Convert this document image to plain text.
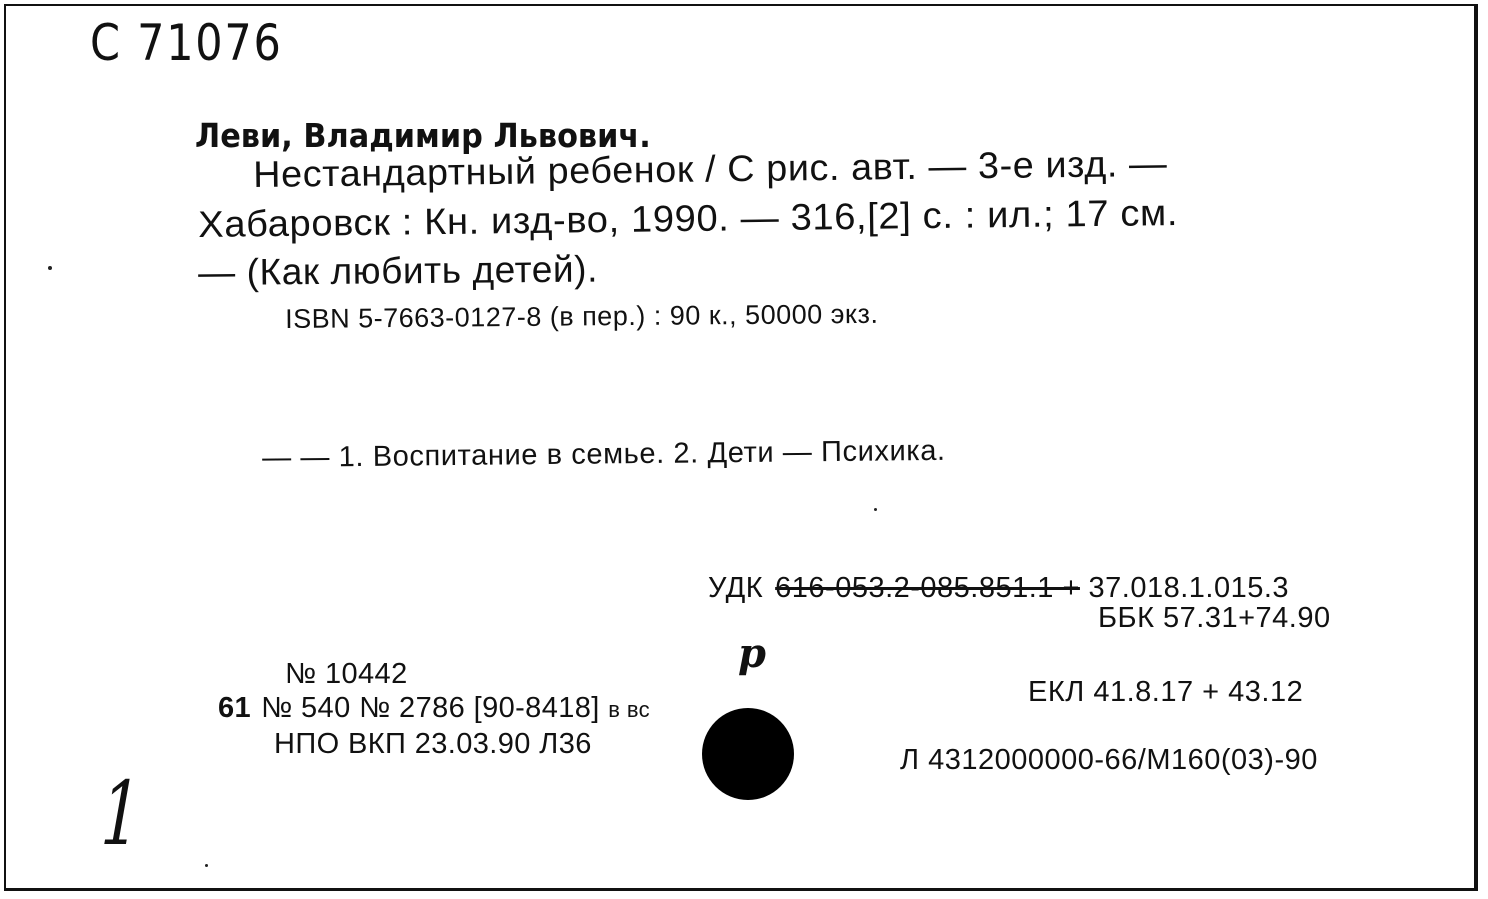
С 71076
Леви, Владимир Львович.
Нестандартный ребенок / С рис. авт. — 3-е изд. —
Хабаровск : Кн. изд-во, 1990. — 316,[2] с. : ил.; 17 см.
— (Как любить детей).
ISBN 5-7663-0127-8 (в пер.) : 90 к., 50000 экз.
— — 1. Воспитание в семье. 2. Дети — Психика.
УДК 616-053.2-085.851.1 + 37.018.1.015.3
ББК 57.31+74.90
ЕКЛ 41.8.17 + 43.12
Л 4312000000-66/М160(03)-90
№ 10442
61 № 540 № 2786 [90-8418] в вс
НПО ВКП 23.03.90 Л36
р
1
